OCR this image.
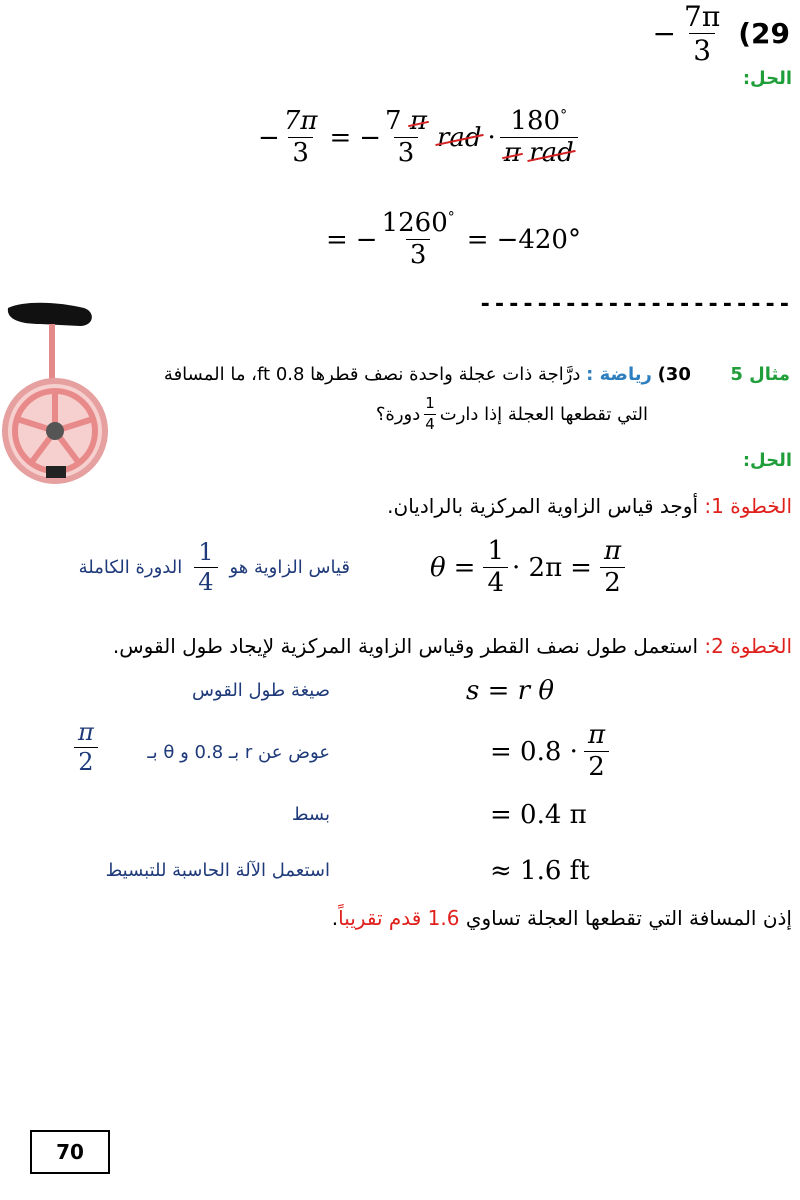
− $\frac{7\pi}{3} (29$
الحل:
− $\frac{7\pi}{3}$ = − $\frac{7 \pi}{3}$ rad · $\frac{180^\circ}{\text{π rad}}$
= − $\frac{1260^\circ}{3} = -420^\circ$
----------------------
مثال 5  30) رياضة : درَّاجة ذات عجلة واحدة نصف قطرها 0.8 ft، ما المسافة
التي تقطعها العجلة إذا دارت
$\frac{1}{4}$
دورة؟
الحل:
الخطوة 1: أوجد قياس الزاوية المركزية بالراديان.
$\theta = \frac{1}{4} \cdot 2\pi = \frac{\pi}{2}$
قياس الزاوية هو
$\frac{1}{4}$
الدورة الكاملة
الخطوة 2: استعمل طول نصف القطر وقياس الزاوية المركزية لإيجاد طول القوس.
s = r θ
صيغة طول القوس
= $0.8 \cdot \frac{\pi}{2}$
عوض عن r بـ 0.8 و θ بـ
$\frac{\pi}{2}$
= 0.4 π
بسط
≈ 1.6 ft
استعمل الآلة الحاسبة للتبسيط
إذن المسافة التي تقطعها العجلة تساوي 1.6 قدم تقريباً.
70
